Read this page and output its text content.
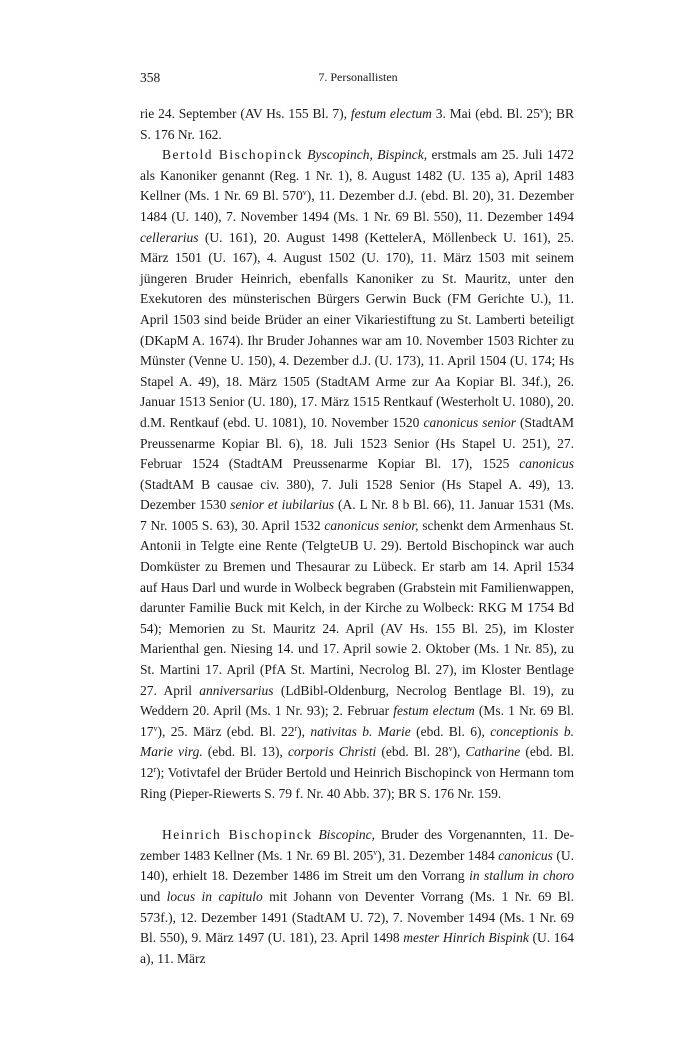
358	7. Personallisten

rie 24. September (AV Hs. 155 Bl. 7), festum electum 3. Mai (ebd. Bl. 25$^v$); BR S. 176 Nr. 162.

Bertold Bischopinck Byscopinch, Bispinck, erstmals am 25. Juli 1472 als Kanoniker genannt (Reg. 1 Nr. 1), 8. August 1482 (U. 135 a), April 1483 Kellner (Ms. 1 Nr. 69 Bl. 570$^v$), 11. Dezember d.J. (ebd. Bl. 20), 31. Dezember 1484 (U. 140), 7. November 1494 (Ms. 1 Nr. 69 Bl. 550), 11. Dezember 1494 cellerarius (U. 161), 20. August 1498 (KettelerA, Möllenbeck U. 161), 25. März 1501 (U. 167), 4. August 1502 (U. 170), 11. März 1503 mit seinem jüngeren Bruder Heinrich, ebenfalls Kanoniker zu St. Mauritz, unter den Exekutoren des münsterischen Bürgers Gerwin Buck (FM Gerichte U.), 11. April 1503 sind beide Brüder an einer Vikariestiftung zu St. Lamberti beteiligt (DKapM A. 1674). Ihr Bruder Johannes war am 10. November 1503 Richter zu Münster (Venne U. 150), 4. Dezember d.J. (U. 173), 11. April 1504 (U. 174; Hs Stapel A. 49), 18. März 1505 (StadtAM Arme zur Aa Kopiar Bl. 34f.), 26. Januar 1513 Senior (U. 180), 17. März 1515 Rentkauf (Westerholt U. 1080), 20. d.M. Rentkauf (ebd. U. 1081), 10. November 1520 canonicus senior (StadtAM Preussenarme Kopiar Bl. 6), 18. Juli 1523 Senior (Hs Stapel U. 251), 27. Februar 1524 (StadtAM Preussenarme Kopiar Bl. 17), 1525 canonicus (StadtAM B causae civ. 380), 7. Juli 1528 Senior (Hs Stapel A. 49), 13. Dezember 1530 senior et iubilarius (A. L Nr. 8 b Bl. 66), 11. Januar 1531 (Ms. 7 Nr. 1005 S. 63), 30. April 1532 canonicus senior, schenkt dem Armenhaus St. Antonii in Telgte eine Rente (TelgteUB U. 29). Bertold Bischopinck war auch Domküster zu Bremen und Thesaurar zu Lübeck. Er starb am 14. April 1534 auf Haus Darl und wurde in Wolbeck begraben (Grabstein mit Familienwappen, darunter Familie Buck mit Kelch, in der Kirche zu Wolbeck: RKG M 1754 Bd 54); Memorien zu St. Mauritz 24. April (AV Hs. 155 Bl. 25), im Kloster Marienthal gen. Niesing 14. und 17. April sowie 2. Oktober (Ms. 1 Nr. 85), zu St. Martini 17. April (PfA St. Martini, Necrolog Bl. 27), im Kloster Bentlage 27. April anniversarius (LdBibl-Oldenburg, Necrolog Bentlage Bl. 19), zu Weddern 20. April (Ms. 1 Nr. 93); 2. Februar festum electum (Ms. 1 Nr. 69 Bl. 17$^v$), 25. März (ebd. Bl. 22$^r$), nativitas b. Marie (ebd. Bl. 6), conceptionis b. Marie virg. (ebd. Bl. 13), corporis Christi (ebd. Bl. 28$^v$), Catharine (ebd. Bl. 12$^r$); Votivtafel der Brüder Bertold und Heinrich Bischopinck von Hermann tom Ring (Pieper-Riewerts S. 79 f. Nr. 40 Abb. 37); BR S. 176 Nr. 159.

Heinrich Bischopinck Biscopinc, Bruder des Vorgenannten, 11. Dezember 1483 Kellner (Ms. 1 Nr. 69 Bl. 205$^v$), 31. Dezember 1484 canonicus (U. 140), erhielt 18. Dezember 1486 im Streit um den Vorrang in stallum in choro und locus in capitulo mit Johann von Deventer Vorrang (Ms. 1 Nr. 69 Bl. 573f.), 12. Dezember 1491 (StadtAM U. 72), 7. November 1494 (Ms. 1 Nr. 69 Bl. 550), 9. März 1497 (U. 181), 23. April 1498 mester Hinrich Bispink (U. 164 a), 11. März
